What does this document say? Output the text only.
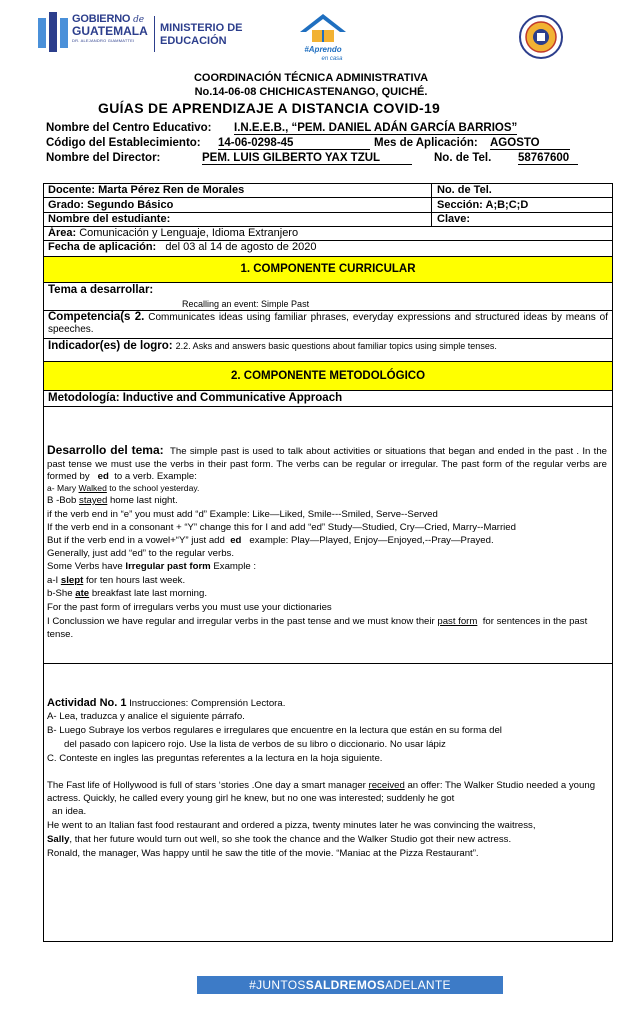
GOBIERNO de
GUATEMALA
DR. ALEJANDRO GIAMMATTEI
MINISTERIO DE
EDUCACIÓN
#Aprendo
en casa
COORDINACIÓN TÉCNICA ADMINISTRATIVA
No.14-06-08 CHICHICASTENANGO, QUICHÉ.
GUÍAS DE APRENDIZAJE A DISTANCIA COVID-19
Nombre del Centro Educativo: I.N.E.E.B., “PEM. DANIEL ADÁN GARCÍA BARRIOS”
Código del Establecimiento: 14-06-0298-45	Mes de Aplicación: AGOSTO
Nombre del Director:	PEM. LUIS GILBERTO YAX TZUL	No. de Tel. 58767600
Docente: Marta Pérez Ren de Morales	No. de Tel.
Grado: Segundo Básico	Sección: A;B;C;D
Nombre del estudiante:	Clave:
Área: Comunicación y Lenguaje, Idioma Extranjero
Fecha de aplicación: del 03 al 14 de agosto de 2020
1. COMPONENTE CURRICULAR
Tema a desarrollar:
Recalling an event: Simple Past
Competencia(s 2. Communicates ideas using familiar phrases, everyday expressions and structured ideas by means of speeches.
Indicador(es) de logro: 2.2. Asks and answers basic questions about familiar topics using simple tenses.
2. COMPONENTE METODOLÓGICO
Metodología: Inductive and Communicative Approach
Desarrollo del tema: The simple past is used to talk about activities or situations that began and ended in the past . In the past tense we must use the verbs in their past form. The verbs can be regular or irregular. The past form of the regular verbs are formed by ed to a verb. Example:
a- Mary Walked to the school yesterday.
B -Bob stayed home last night.
if the verb end in “e” you must add “d” Example: Like—Liked, Smile---Smiled, Serve--Served
If the verb end in a consonant + “Y” change this for I and add “ed” Study—Studied, Cry—Cried, Marry--Married
But if the verb end in a vowel+“Y” just add ed example: Play—Played, Enjoy—Enjoyed,--Pray—Prayed.
Generally, just add “ed” to the regular verbs.
Some Verbs have Irregular past form Example :
a-I slept for ten hours last week.
b-She ate breakfast late last morning.
For the past form of irregulars verbs you must use your dictionaries
I Conclussion we have regular and irregular verbs in the past tense and we must know their past form for sentences in the past tense.
Actividad No. 1 Instrucciones: Comprensión Lectora.
A- Lea, traduzca y analice el siguiente párrafo.
B- Luego Subraye los verbos regulares e irregulares que encuentre en la lectura que están en su forma del
del pasado con lapicero rojo. Use la lista de verbos de su libro o diccionario. No usar lápiz
C. Conteste en ingles las preguntas referentes a la lectura en la hoja siguiente.
The Fast life of Hollywood is full of stars ‘stories .One day a smart manager received an offer: The Walker Studio needed a young actress. Quickly, he called every young girl he knew, but no one was interested; suddenly he got
an idea.
He went to an Italian fast food restaurant and ordered a pizza, twenty minutes later he was convincing the waitress,
Sally, that her future would turn out well, so she took the chance and the Walker Studio got their new actress.
Ronald, the manager, Was happy until he saw the title of the movie. “Maniac at the Pizza Restaurant”.
#JUNTOSSALDREMOSADELANTE
